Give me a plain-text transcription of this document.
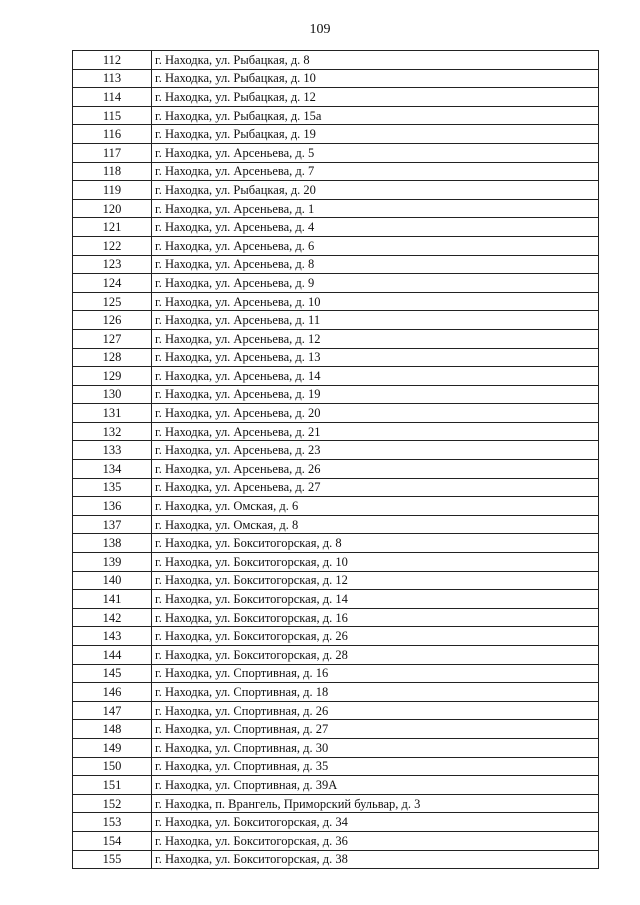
109
112	г. Находка, ул. Рыбацкая, д. 8
113	г. Находка, ул. Рыбацкая, д. 10
114	г. Находка, ул. Рыбацкая, д. 12
115	г. Находка, ул. Рыбацкая, д. 15а
116	г. Находка, ул. Рыбацкая, д. 19
117	г. Находка, ул. Арсеньева, д. 5
118	г. Находка, ул. Арсеньева, д. 7
119	г. Находка, ул. Рыбацкая, д. 20
120	г. Находка, ул. Арсеньева, д. 1
121	г. Находка, ул. Арсеньева, д. 4
122	г. Находка, ул. Арсеньева, д. 6
123	г. Находка, ул. Арсеньева, д. 8
124	г. Находка, ул. Арсеньева, д. 9
125	г. Находка, ул. Арсеньева, д. 10
126	г. Находка, ул. Арсеньева, д. 11
127	г. Находка, ул. Арсеньева, д. 12
128	г. Находка, ул. Арсеньева, д. 13
129	г. Находка, ул. Арсеньева, д. 14
130	г. Находка, ул. Арсеньева, д. 19
131	г. Находка, ул. Арсеньева, д. 20
132	г. Находка, ул. Арсеньева, д. 21
133	г. Находка, ул. Арсеньева, д. 23
134	г. Находка, ул. Арсеньева, д. 26
135	г. Находка, ул. Арсеньева, д. 27
136	г. Находка, ул. Омская, д. 6
137	г. Находка, ул. Омская, д. 8
138	г. Находка, ул. Бокситогорская, д. 8
139	г. Находка, ул. Бокситогорская, д. 10
140	г. Находка, ул. Бокситогорская, д. 12
141	г. Находка, ул. Бокситогорская, д. 14
142	г. Находка, ул. Бокситогорская, д. 16
143	г. Находка, ул. Бокситогорская, д. 26
144	г. Находка, ул. Бокситогорская, д. 28
145	г. Находка, ул. Спортивная, д. 16
146	г. Находка, ул. Спортивная, д. 18
147	г. Находка, ул. Спортивная, д. 26
148	г. Находка, ул. Спортивная, д. 27
149	г. Находка, ул. Спортивная, д. 30
150	г. Находка, ул. Спортивная, д. 35
151	г. Находка, ул. Спортивная, д. 39А
152	г. Находка, п. Врангель, Приморский бульвар, д. 3
153	г. Находка, ул. Бокситогорская, д. 34
154	г. Находка, ул. Бокситогорская, д. 36
155	г. Находка, ул. Бокситогорская, д. 38
